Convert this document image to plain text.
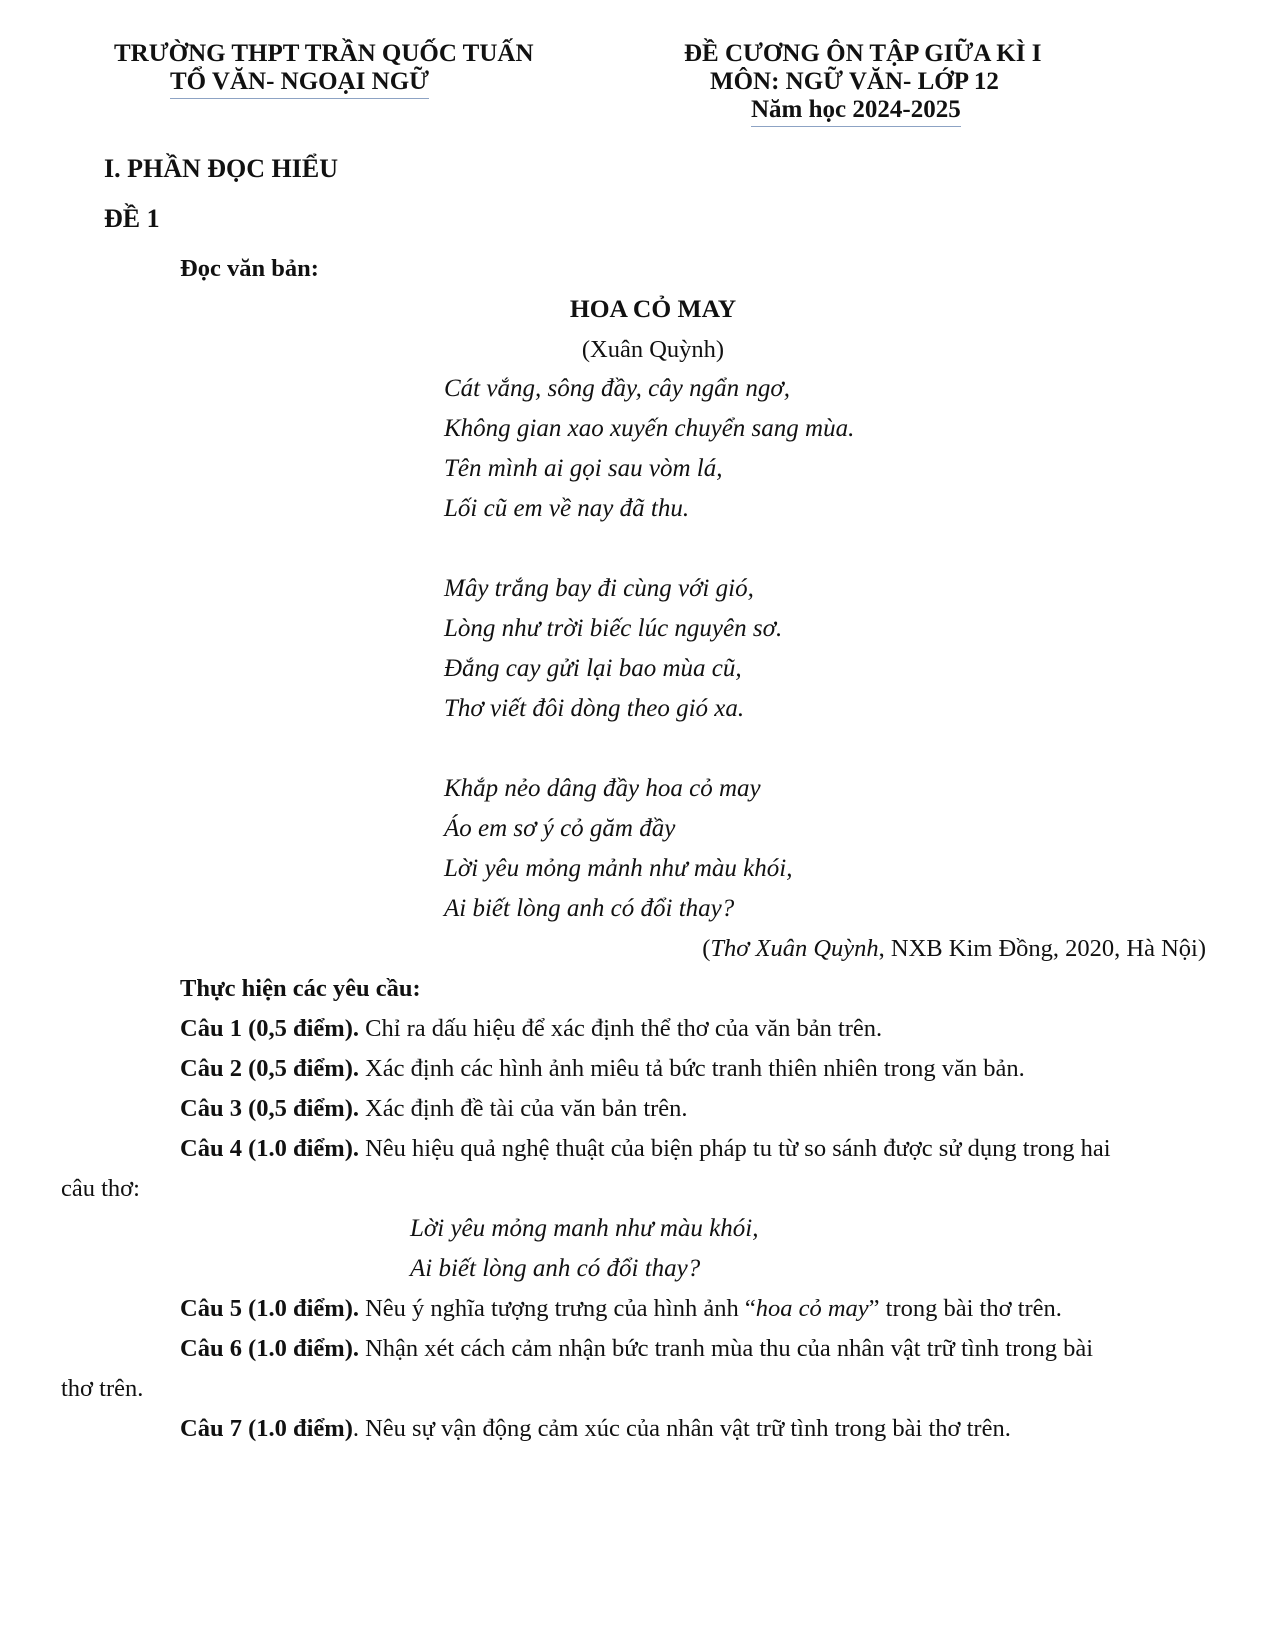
TRƯỜNG THPT TRẦN QUỐC TUẤN
TỔ VĂN- NGOẠI NGỮ
ĐỀ CƯƠNG ÔN TẬP GIỮA KÌ I
MÔN: NGỮ VĂN- LỚP 12
Năm học 2024-2025
I. PHẦN ĐỌC HIỂU
ĐỀ 1
Đọc văn bản:
HOA CỎ MAY
(Xuân Quỳnh)
Cát vắng, sông đầy, cây ngẩn ngơ,
Không gian xao xuyến chuyển sang mùa.
Tên mình ai gọi sau vòm lá,
Lối cũ em về nay đã thu.
Mây trắng bay đi cùng với gió,
Lòng như trời biếc lúc nguyên sơ.
Đắng cay gửi lại bao mùa cũ,
Thơ viết đôi dòng theo gió xa.
Khắp nẻo dâng đầy hoa cỏ may
Áo em sơ ý cỏ găm đầy
Lời yêu mỏng mảnh như màu khói,
Ai biết lòng anh có đổi thay?
(Thơ Xuân Quỳnh, NXB Kim Đồng, 2020, Hà Nội)
Thực hiện các yêu cầu:
Câu 1 (0,5 điểm). Chỉ ra dấu hiệu để xác định thể thơ của văn bản trên.
Câu 2 (0,5 điểm). Xác định các hình ảnh miêu tả bức tranh thiên nhiên trong văn bản.
Câu 3 (0,5 điểm). Xác định đề tài của văn bản trên.
Câu 4 (1.0 điểm). Nêu hiệu quả nghệ thuật của biện pháp tu từ so sánh được sử dụng trong hai
câu thơ:
Lời yêu mỏng manh như màu khói,
Ai biết lòng anh có đổi thay?
Câu 5 (1.0 điểm). Nêu ý nghĩa tượng trưng của hình ảnh “hoa cỏ may” trong bài thơ trên.
Câu 6 (1.0 điểm). Nhận xét cách cảm nhận bức tranh mùa thu của nhân vật trữ tình trong bài
thơ trên.
Câu 7 (1.0 điểm). Nêu sự vận động cảm xúc của nhân vật trữ tình trong bài thơ trên.
